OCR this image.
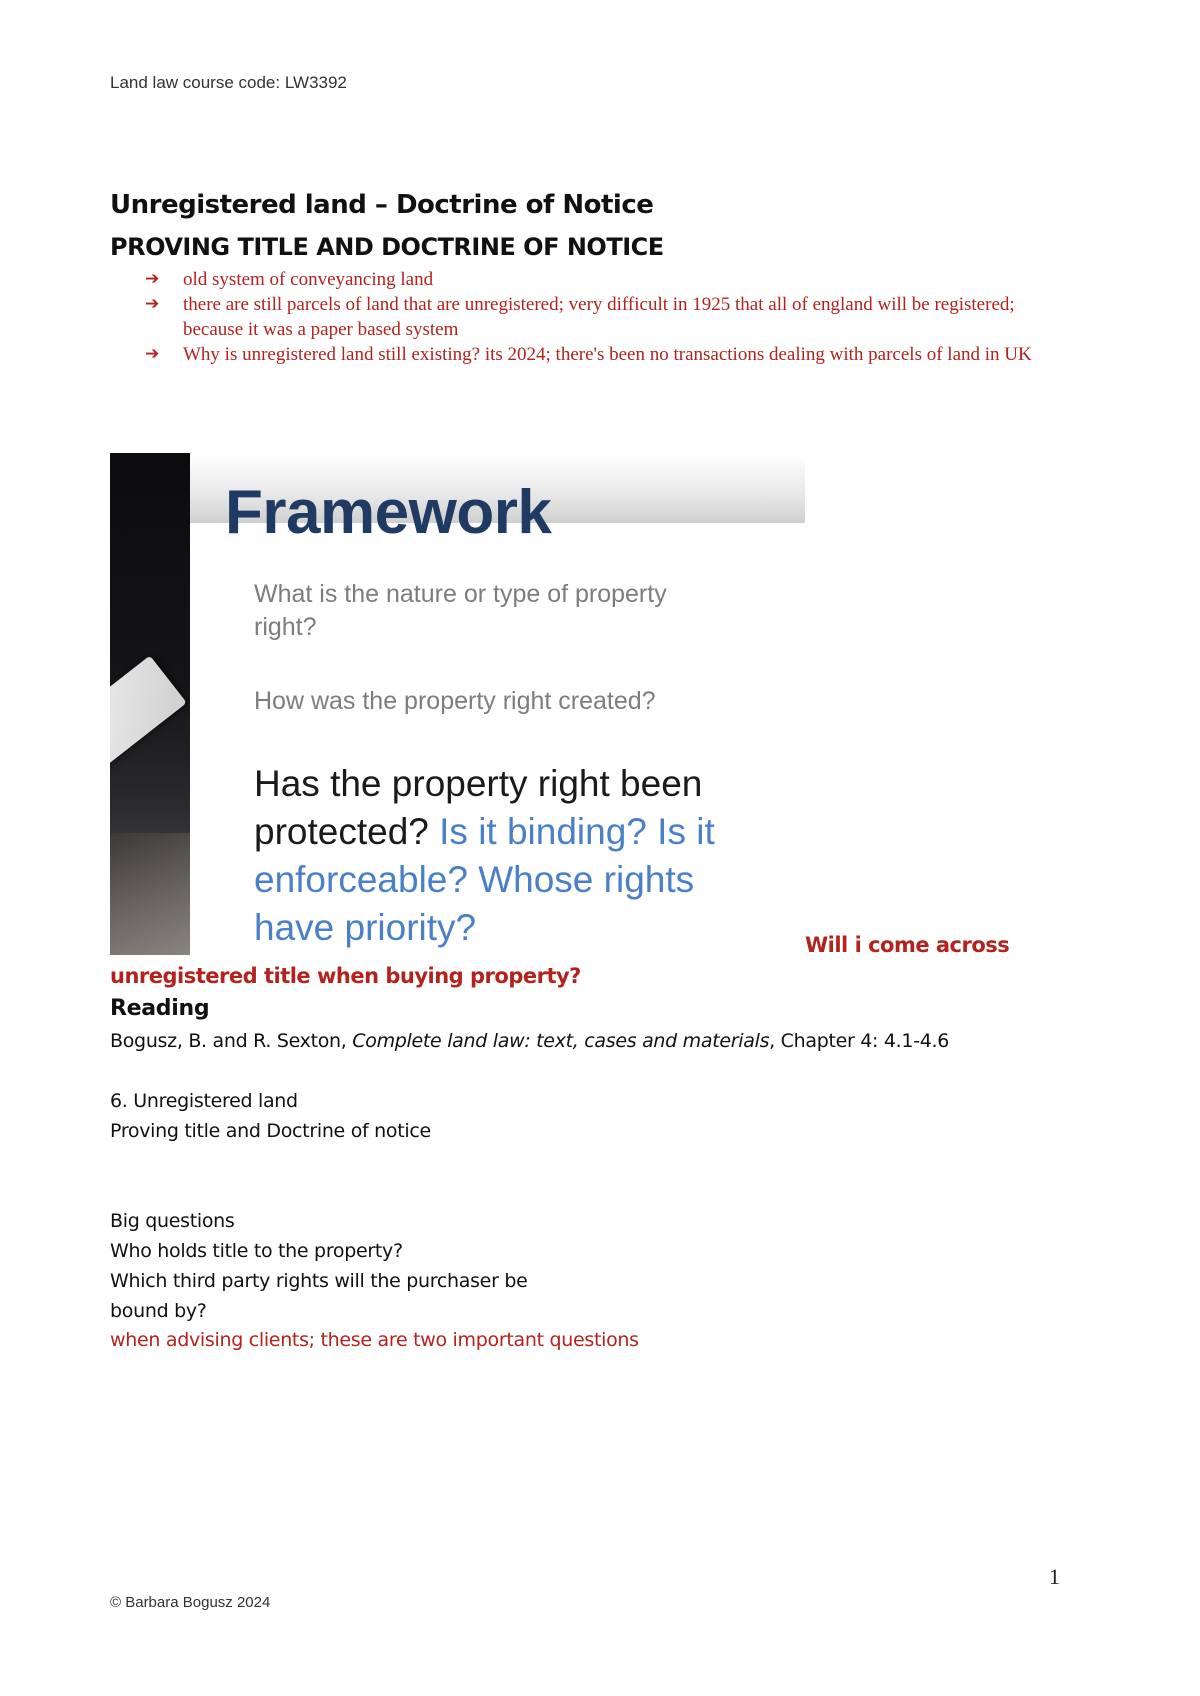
Land law course code: LW3392
Unregistered land – Doctrine of Notice
PROVING TITLE AND DOCTRINE OF NOTICE
➔ old system of conveyancing land
➔ there are still parcels of land that are unregistered; very difficult in 1925 that all of england will be registered; because it was a paper based system
➔ Why is unregistered land still existing? its 2024; there's been no transactions dealing with parcels of land in UK
Framework
What is the nature or type of property right?
How was the property right created?
Has the property right been protected? Is it binding? Is it enforceable? Whose rights have priority?	Will i come across
unregistered title when buying property?
Reading
Bogusz, B. and R. Sexton, Complete land law: text, cases and materials, Chapter 4: 4.1-4.6
6. Unregistered land
Proving title and Doctrine of notice
Big questions
Who holds title to the property?
Which third party rights will the purchaser be
bound by?
when advising clients; these are two important questions
1
© Barbara Bogusz 2024
